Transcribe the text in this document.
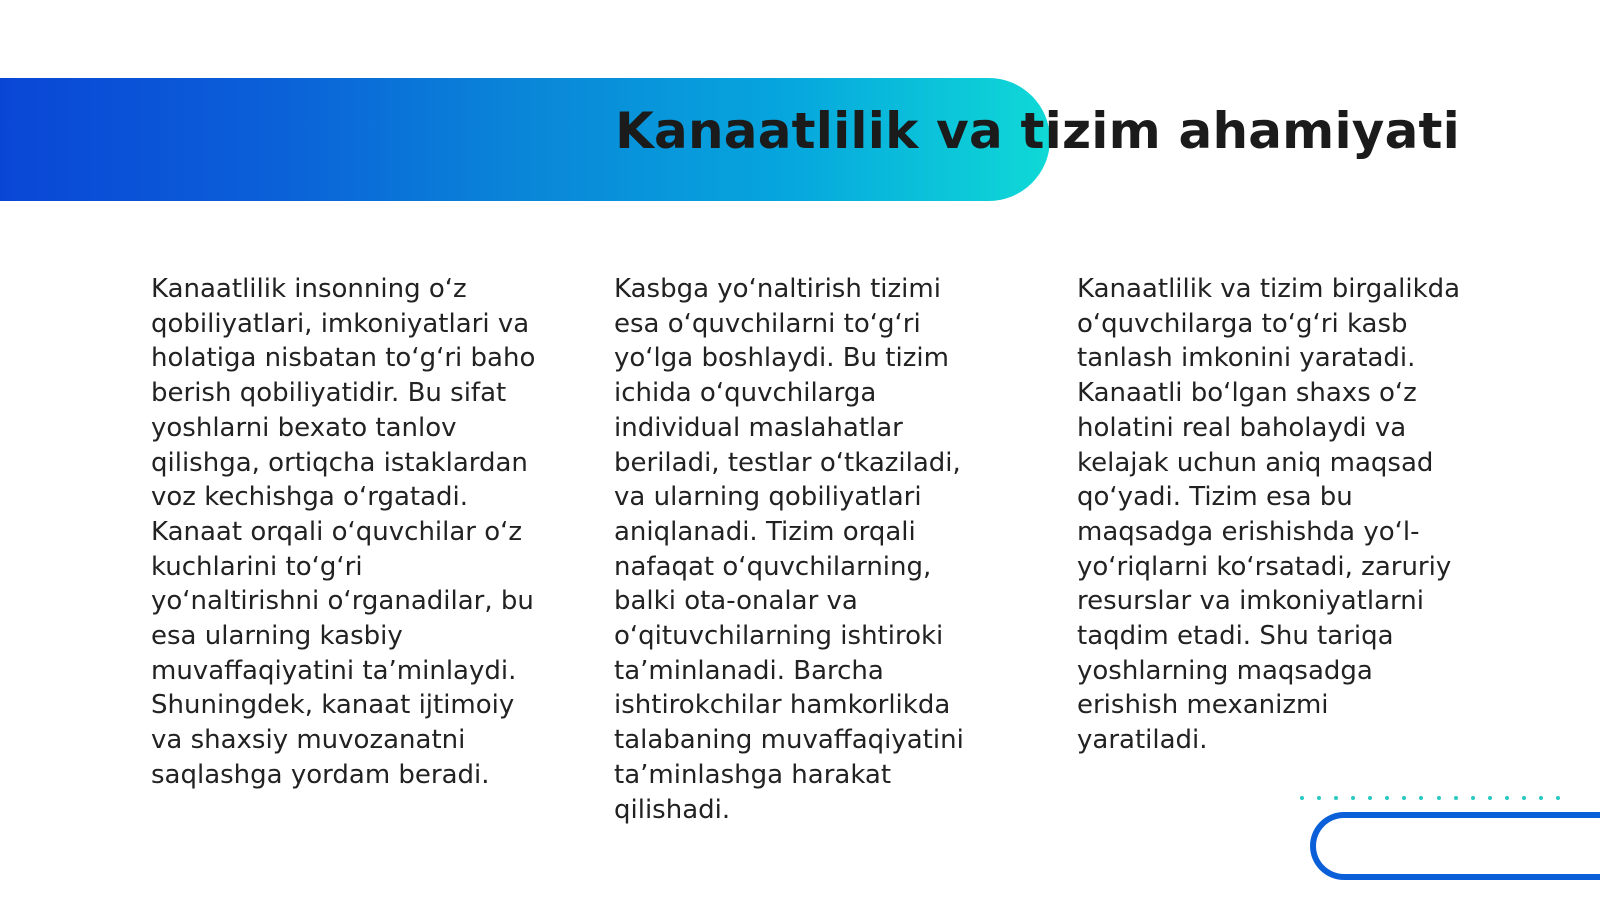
Kanaatlilik va tizim ahamiyati

Kanaatlilik insonning o‘z qobiliyatlari, imkoniyatlari va holatiga nisbatan to‘g‘ri baho berish qobiliyatidir. Bu sifat yoshlarni bexato tanlov qilishga, ortiqcha istaklardan voz kechishga o‘rgatadi. Kanaat orqali o‘quvchilar o‘z kuchlarini to‘g‘ri yo‘naltirishni o‘rganadilar, bu esa ularning kasbiy muvaffaqiyatini ta’minlaydi. Shuningdek, kanaat ijtimoiy va shaxsiy muvozanatni saqlashga yordam beradi.

Kasbga yo‘naltirish tizimi esa o‘quvchilarni to‘g‘ri yo‘lga boshlaydi. Bu tizim ichida o‘quvchilarga individual maslahatlar beriladi, testlar o‘tkaziladi, va ularning qobiliyatlari aniqlanadi. Tizim orqali nafaqat o‘quvchilarning, balki ota-onalar va o‘qituvchilarning ishtiroki ta’minlanadi. Barcha ishtirokchilar hamkorlikda talabaning muvaffaqiyatini ta’minlashga harakat qilishadi.

Kanaatlilik va tizim birgalikda o‘quvchilarga to‘g‘ri kasb tanlash imkonini yaratadi. Kanaatli bo‘lgan shaxs o‘z holatini real baholaydi va kelajak uchun aniq maqsad qo‘yadi. Tizim esa bu maqsadga erishishda yo‘l-yo‘riqlarni ko‘rsatadi, zaruriy resurslar va imkoniyatlarni taqdim etadi. Shu tariqa yoshlarning maqsadga erishish mexanizmi yaratiladi.
